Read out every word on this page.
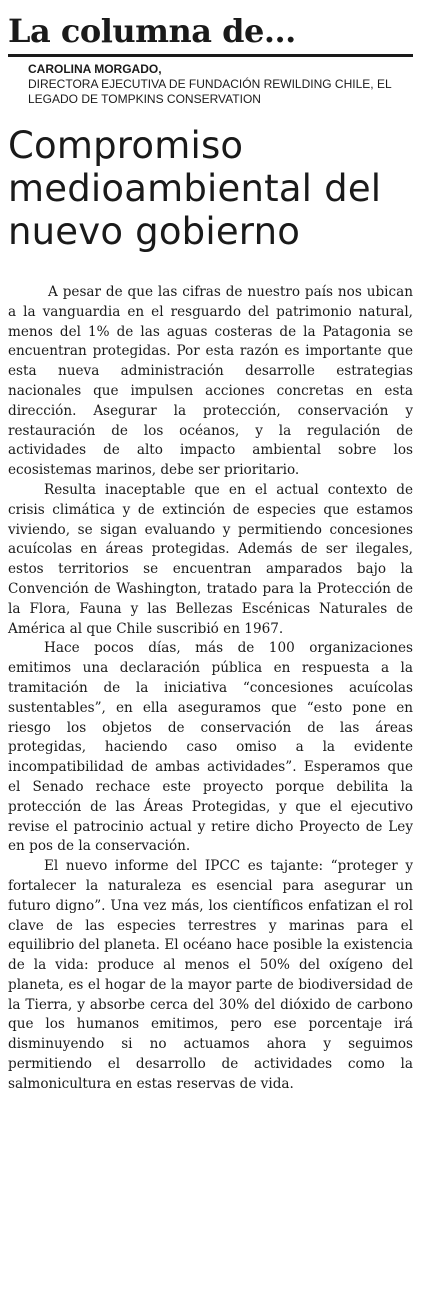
La columna de...
CAROLINA MORGADO,
DIRECTORA EJECUTIVA DE FUNDACIÓN REWILDING CHILE, EL LEGADO DE TOMPKINS CONSERVATION
Compromiso medioambiental del nuevo gobierno

A pesar de que las cifras de nuestro país nos ubican a la vanguardia en el resguardo del patrimonio natural, menos del 1% de las aguas costeras de la Patagonia se encuentran protegidas. Por esta razón es importante que esta nueva administración desarrolle estrategias nacionales que impulsen acciones concretas en esta dirección. Asegurar la protección, conservación y restauración de los océanos, y la regulación de actividades de alto impacto ambiental sobre los ecosistemas marinos, debe ser prioritario.

Resulta inaceptable que en el actual contexto de crisis climática y de extinción de especies que estamos viviendo, se sigan evaluando y permitiendo concesiones acuícolas en áreas protegidas. Además de ser ilegales, estos territorios se encuentran amparados bajo la Convención de Washington, tratado para la Protección de la Flora, Fauna y las Bellezas Escénicas Naturales de América al que Chile suscribió en 1967.

Hace pocos días, más de 100 organizaciones emitimos una declaración pública en respuesta a la tramitación de la iniciativa “concesiones acuícolas sustentables”, en ella aseguramos que “esto pone en riesgo los objetos de conservación de las áreas protegidas, haciendo caso omiso a la evidente incompatibilidad de ambas actividades”. Esperamos que el Senado rechace este proyecto porque debilita la protección de las Áreas Protegidas, y que el ejecutivo revise el patrocinio actual y retire dicho Proyecto de Ley en pos de la conservación.

El nuevo informe del IPCC es tajante: “proteger y fortalecer la naturaleza es esencial para asegurar un futuro digno”. Una vez más, los científicos enfatizan el rol clave de las especies terrestres y marinas para el equilibrio del planeta. El océano hace posible la existencia de la vida: produce al menos el 50% del oxígeno del planeta, es el hogar de la mayor parte de biodiversidad de la Tierra, y absorbe cerca del 30% del dióxido de carbono que los humanos emitimos, pero ese porcentaje irá disminuyendo si no actuamos ahora y seguimos permitiendo el desarrollo de actividades como la salmonicultura en estas reservas de vida.
